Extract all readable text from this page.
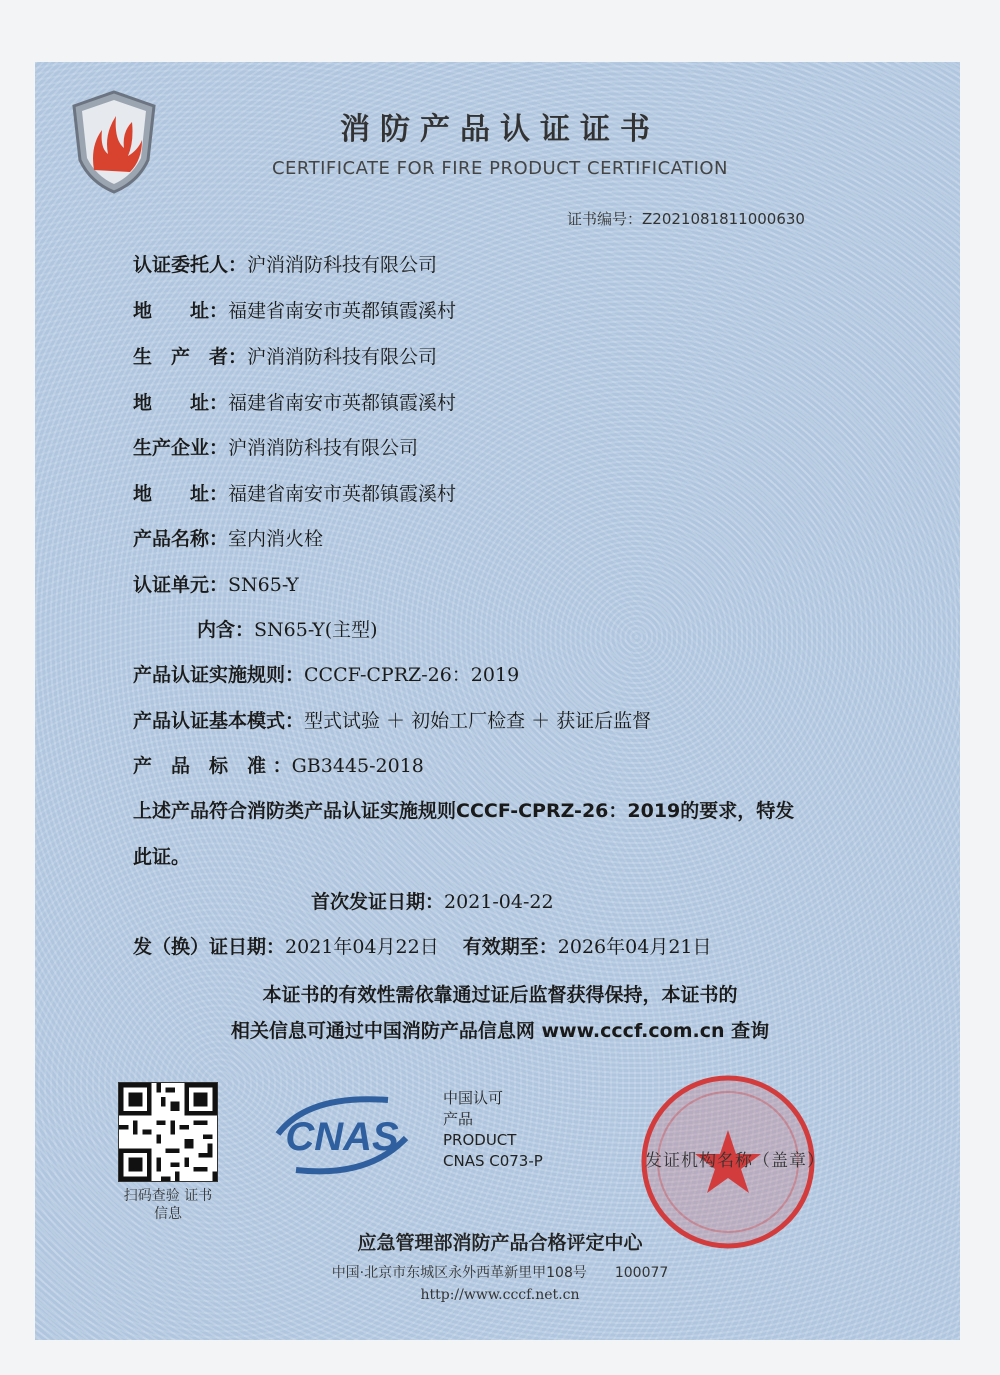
消防产品认证证书
CERTIFICATE FOR FIRE PRODUCT CERTIFICATION
证书编号：Z2021081811000630
认证委托人：沪消消防科技有限公司
地　　址：福建省南安市英都镇霞溪村
生　产　者：沪消消防科技有限公司
地　　址：福建省南安市英都镇霞溪村
生产企业：沪消消防科技有限公司
地　　址：福建省南安市英都镇霞溪村
产品名称：室内消火栓
认证单元：SN65-Y
内含：SN65-Y(主型)
产品认证实施规则：CCCF-CPRZ-26：2019
产品认证基本模式：型式试验 ＋ 初始工厂检查 ＋ 获证后监督
产　品　标　准 ：GB3445-2018
上述产品符合消防类产品认证实施规则CCCF-CPRZ-26：2019的要求，特发
此证。
首次发证日期：2021-04-22
发（换）证日期：2021年04月22日 有效期至：2026年04月21日
本证书的有效性需依靠通过证后监督获得保持，本证书的
相关信息可通过中国消防产品信息网 www.cccf.com.cn 查询
扫码查验 证书信息
CNAS
中国认可
产品
PRODUCT
CNAS C073-P	发证机构名称（盖章）
应急管理部消防产品合格评定中心
中国·北京市东城区永外西革新里甲108号　　100077
http://www.cccf.net.cn
